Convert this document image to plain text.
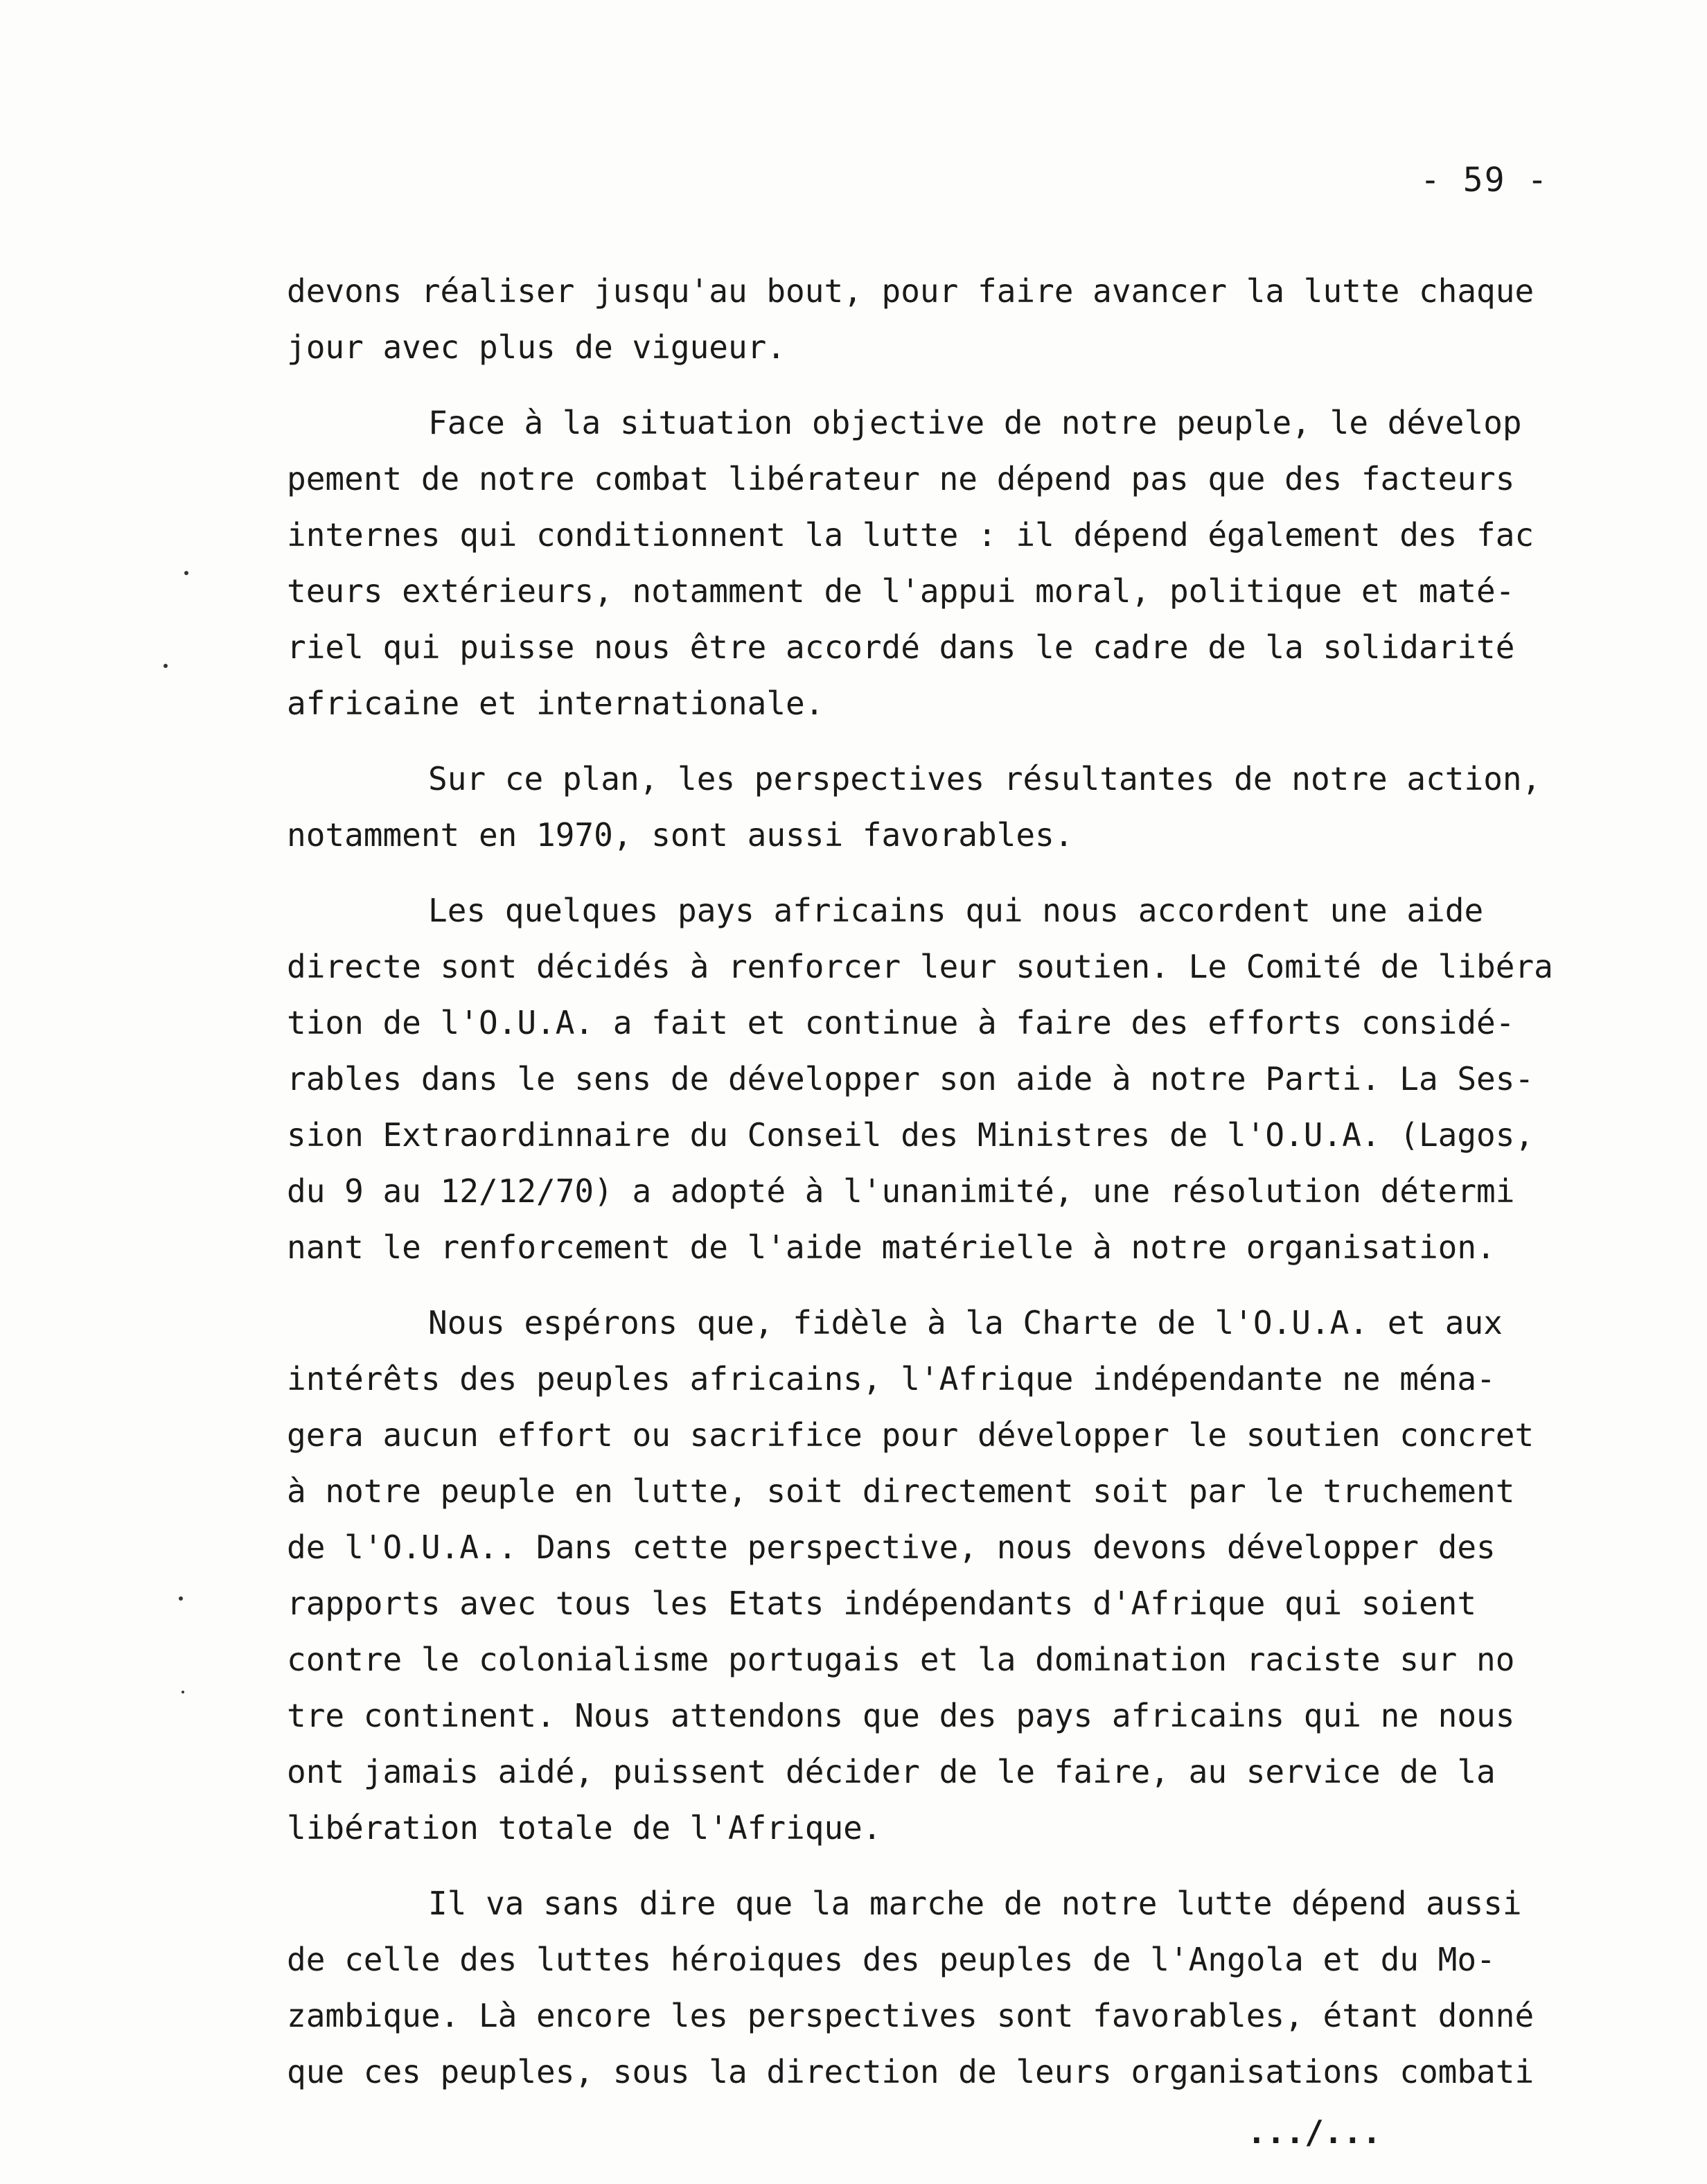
- 59 -
devons réaliser jusqu'au bout, pour faire avancer la lutte chaque
jour avec plus de vigueur.
Face à la situation objective de notre peuple, le dévelop
pement de notre combat libérateur ne dépend pas que des facteurs
internes qui conditionnent la lutte : il dépend également des fac
teurs extérieurs, notamment de l'appui moral, politique et maté-
riel qui puisse nous être accordé dans le cadre de la solidarité
africaine et internationale.
Sur ce plan, les perspectives résultantes de notre action,
notamment en 1970, sont aussi favorables.
Les quelques pays africains qui nous accordent une aide
directe sont décidés à renforcer leur soutien. Le Comité de libéra
tion de l'O.U.A. a fait et continue à faire des efforts considé-
rables dans le sens de développer son aide à notre Parti. La Ses-
sion Extraordinnaire du Conseil des Ministres de l'O.U.A. (Lagos,
du 9 au 12/12/70) a adopté à l'unanimité, une résolution détermi
nant le renforcement de l'aide matérielle à notre organisation.
Nous espérons que, fidèle à la Charte de l'O.U.A. et aux
intérêts des peuples africains, l'Afrique indépendante ne ména-
gera aucun effort ou sacrifice pour développer le soutien concret
à notre peuple en lutte, soit directement soit par le truchement
de l'O.U.A.. Dans cette perspective, nous devons développer des
rapports avec tous les Etats indépendants d'Afrique qui soient
contre le colonialisme portugais et la domination raciste sur no
tre continent. Nous attendons que des pays africains qui ne nous
ont jamais aidé, puissent décider de le faire, au service de la
libération totale de l'Afrique.
Il va sans dire que la marche de notre lutte dépend aussi
de celle des luttes héroiques des peuples de l'Angola et du Mo-
zambique. Là encore les perspectives sont favorables, étant donné
que ces peuples, sous la direction de leurs organisations combati
.../...
